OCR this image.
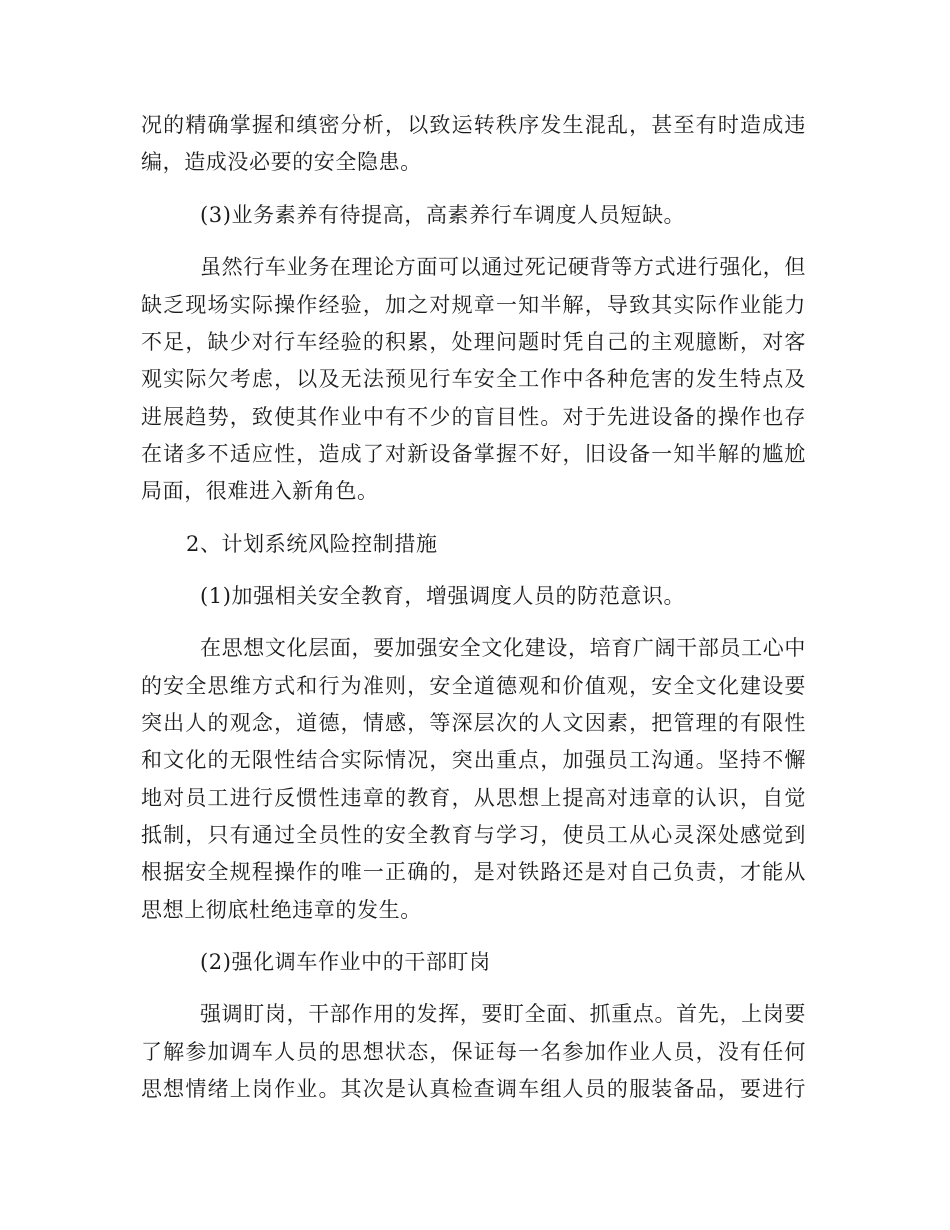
况的精确掌握和缜密分析，以致运转秩序发生混乱，甚至有时造成违
编，造成没必要的安全隐患。
(3)业务素养有待提高，高素养行车调度人员短缺。
虽然行车业务在理论方面可以通过死记硬背等方式进行强化，但
缺乏现场实际操作经验，加之对规章一知半解，导致其实际作业能力
不足，缺少对行车经验的积累，处理问题时凭自己的主观臆断，对客
观实际欠考虑，以及无法预见行车安全工作中各种危害的发生特点及
进展趋势，致使其作业中有不少的盲目性。对于先进设备的操作也存
在诸多不适应性，造成了对新设备掌握不好，旧设备一知半解的尴尬
局面，很难进入新角色。
2、计划系统风险控制措施
(1)加强相关安全教育，增强调度人员的防范意识。
在思想文化层面，要加强安全文化建设，培育广阔干部员工心中
的安全思维方式和行为准则，安全道德观和价值观，安全文化建设要
突出人的观念，道德，情感，等深层次的人文因素，把管理的有限性
和文化的无限性结合实际情况，突出重点，加强员工沟通。坚持不懈
地对员工进行反惯性违章的教育，从思想上提高对违章的认识，自觉
抵制，只有通过全员性的安全教育与学习，使员工从心灵深处感觉到
根据安全规程操作的唯一正确的，是对铁路还是对自己负责，才能从
思想上彻底杜绝违章的发生。
(2)强化调车作业中的干部盯岗
强调盯岗，干部作用的发挥，要盯全面、抓重点。首先，上岗要
了解参加调车人员的思想状态，保证每一名参加作业人员，没有任何
思想情绪上岗作业。其次是认真检查调车组人员的服装备品，要进行
